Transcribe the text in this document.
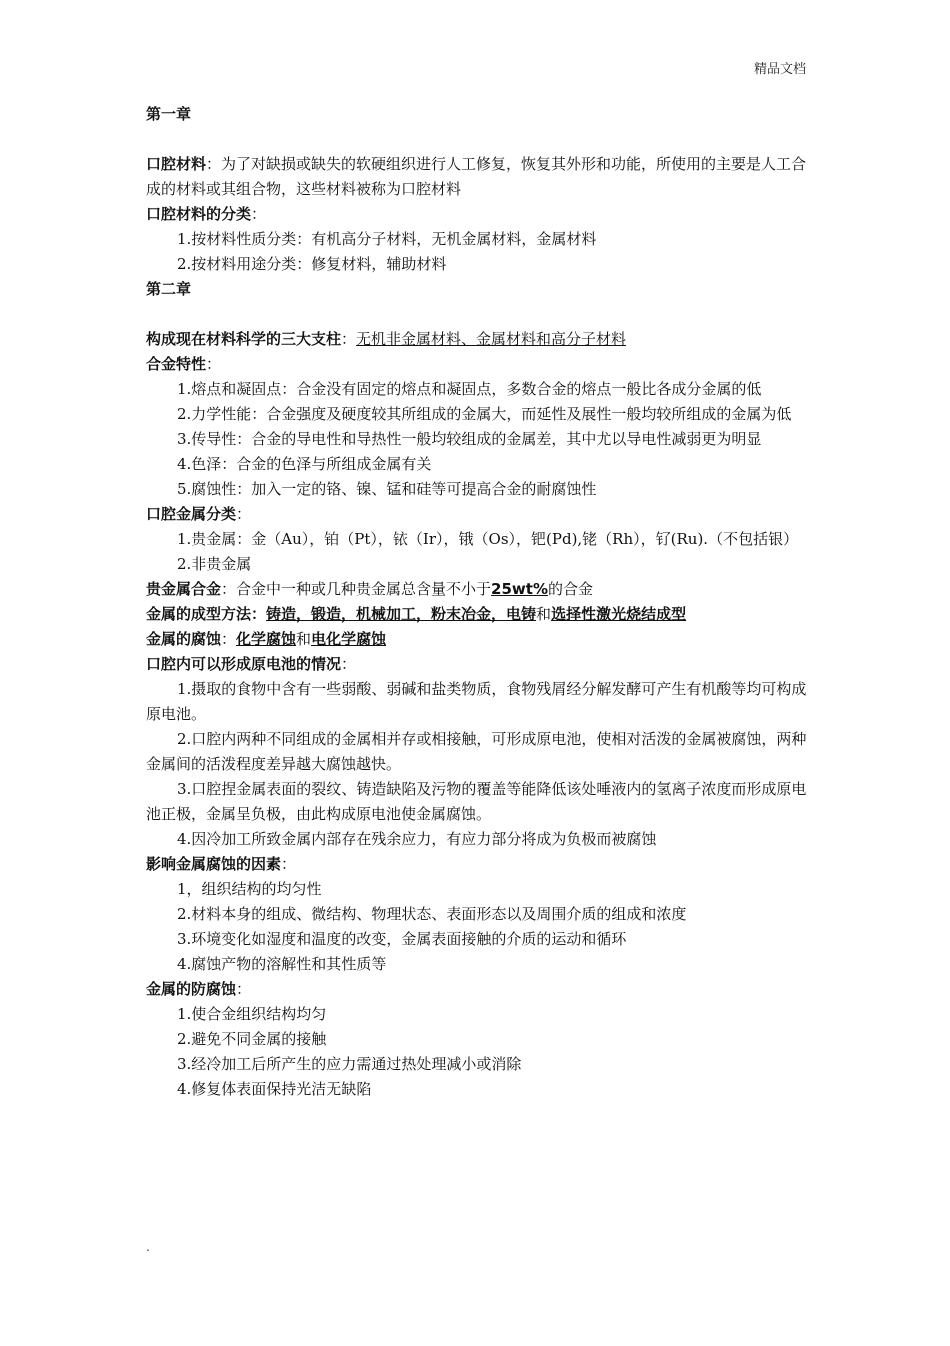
精品文档
第一章
口腔材料：为了对缺损或缺失的软硬组织进行人工修复，恢复其外形和功能，所使用的主要是人工合成的材料或其组合物，这些材料被称为口腔材料
口腔材料的分类：
1.按材料性质分类：有机高分子材料，无机金属材料，金属材料
2.按材料用途分类：修复材料，辅助材料
第二章
构成现在材料科学的三大支柱：无机非金属材料、金属材料和高分子材料
合金特性：
1.熔点和凝固点：合金没有固定的熔点和凝固点，多数合金的熔点一般比各成分金属的低
2.力学性能：合金强度及硬度较其所组成的金属大，而延性及展性一般均较所组成的金属为低
3.传导性：合金的导电性和导热性一般均较组成的金属差，其中尤以导电性减弱更为明显
4.色泽：合金的色泽与所组成金属有关
5.腐蚀性：加入一定的铬、镍、锰和硅等可提高合金的耐腐蚀性
口腔金属分类：
1.贵金属：金（Au），铂（Pt），铱（Ir），锇（Os），钯(Pd),铑（Rh），钌(Ru).（不包括银）
2.非贵金属
贵金属合金：合金中一种或几种贵金属总含量不小于25wt%的合金
金属的成型方法：铸造，锻造，机械加工，粉末冶金，电铸和选择性激光烧结成型
金属的腐蚀：化学腐蚀和电化学腐蚀
口腔内可以形成原电池的情况：
1.摄取的食物中含有一些弱酸、弱碱和盐类物质，食物残屑经分解发酵可产生有机酸等均可构成原电池。
2.口腔内两种不同组成的金属相并存或相接触，可形成原电池，使相对活泼的金属被腐蚀，两种金属间的活泼程度差异越大腐蚀越快。
3.口腔捏金属表面的裂纹、铸造缺陷及污物的覆盖等能降低该处唾液内的氢离子浓度而形成原电池正极，金属呈负极，由此构成原电池使金属腐蚀。
4.因冷加工所致金属内部存在残余应力，有应力部分将成为负极而被腐蚀
影响金属腐蚀的因素：
1，组织结构的均匀性
2.材料本身的组成、微结构、物理状态、表面形态以及周围介质的组成和浓度
3.环境变化如湿度和温度的改变，金属表面接触的介质的运动和循环
4.腐蚀产物的溶解性和其性质等
金属的防腐蚀：
1.使合金组织结构均匀
2.避免不同金属的接触
3.经冷加工后所产生的应力需通过热处理减小或消除
4.修复体表面保持光洁无缺陷
.
